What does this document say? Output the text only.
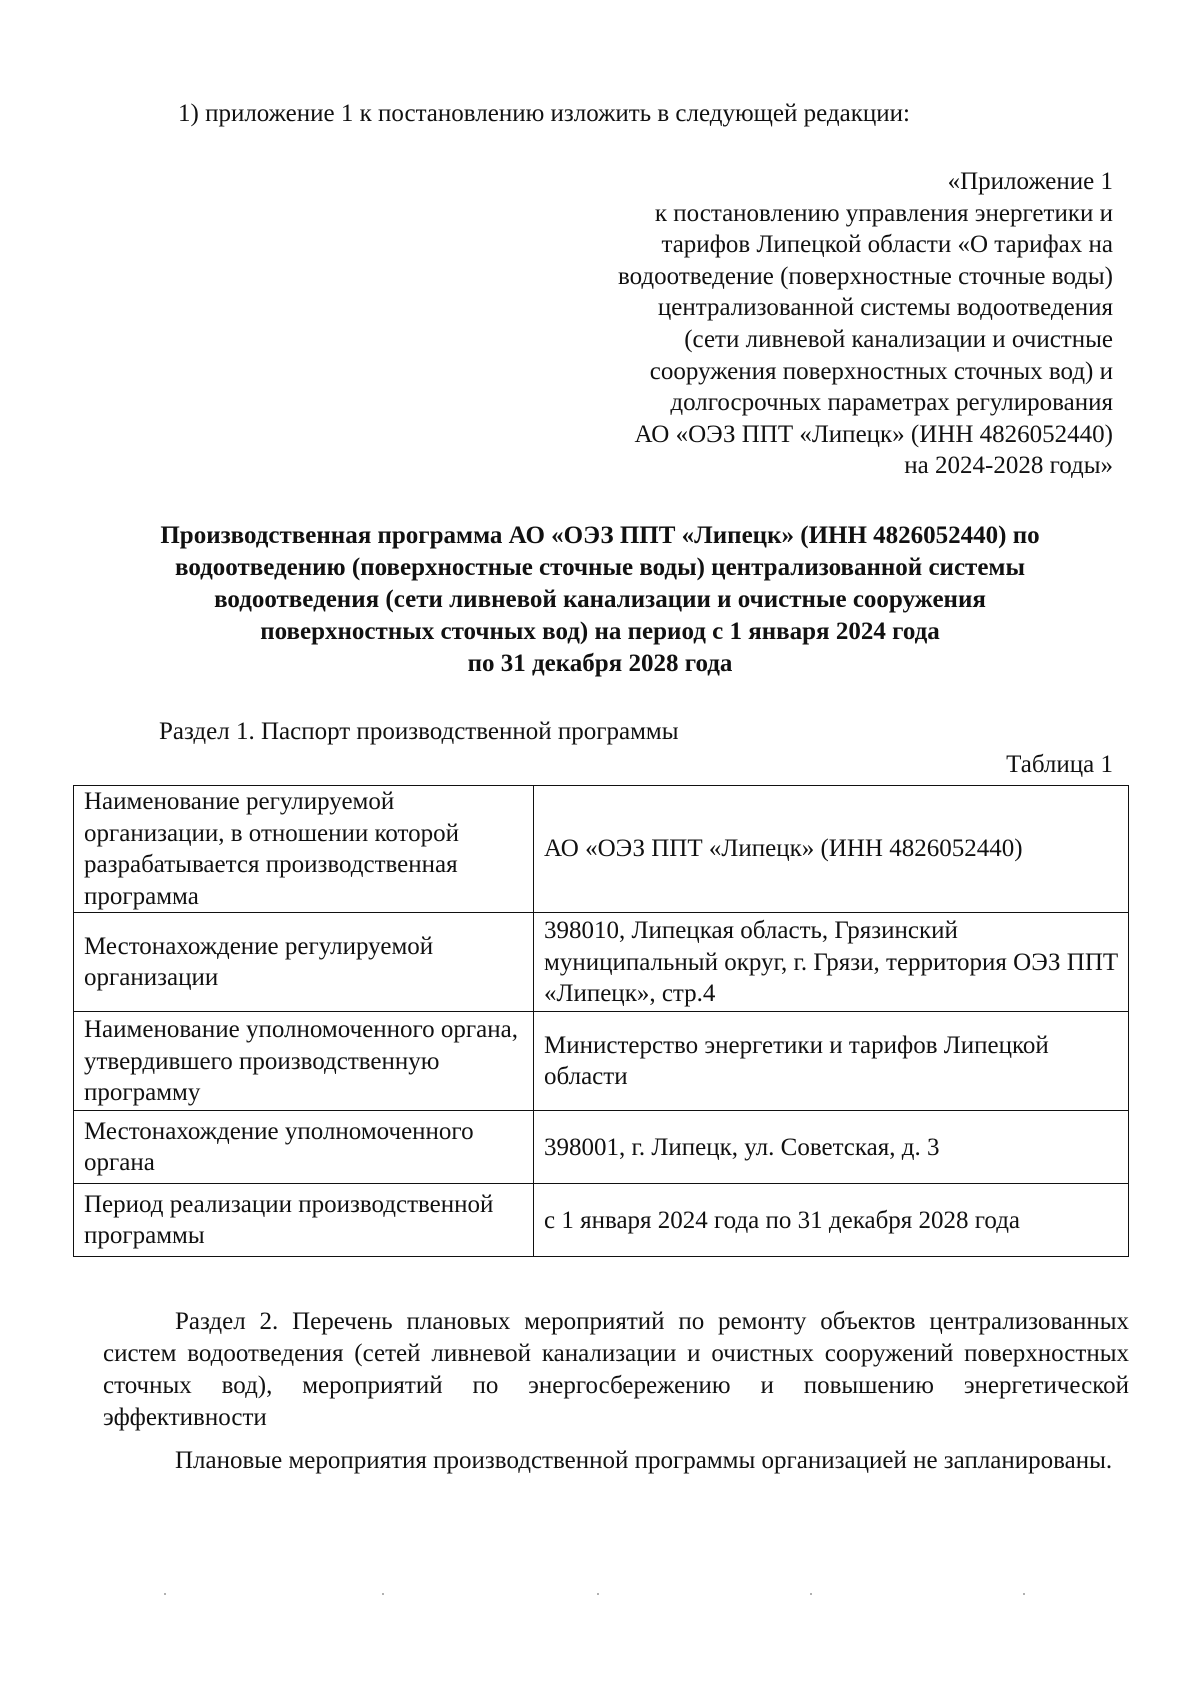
1) приложение 1 к постановлению изложить в следующей редакции:
«Приложение 1
к постановлению управления энергетики и
тарифов Липецкой области «О тарифах на
водоотведение (поверхностные сточные воды)
централизованной системы водоотведения
(сети ливневой канализации и очистные
сооружения поверхностных сточных вод) и
долгосрочных параметрах регулирования
АО «ОЭЗ ППТ «Липецк» (ИНН 4826052440)
на 2024-2028 годы»
Производственная программа АО «ОЭЗ ППТ «Липецк» (ИНН 4826052440) по
водоотведению (поверхностные сточные воды) централизованной системы
водоотведения (сети ливневой канализации и очистные сооружения
поверхностных сточных вод) на период с 1 января 2024 года
по 31 декабря 2028 года
Раздел 1. Паспорт производственной программы
Таблица 1
Наименование регулируемой организации, в отношении которой разрабатывается производственная программа	АО «ОЭЗ ППТ «Липецк» (ИНН 4826052440)
Местонахождение регулируемой организации	398010, Липецкая область, Грязинский муниципальный округ, г. Грязи, территория ОЭЗ ППТ «Липецк», стр.4
Наименование уполномоченного органа, утвердившего производственную программу	Министерство энергетики и тарифов Липецкой области
Местонахождение уполномоченного органа	398001, г. Липецк, ул. Советская, д. 3
Период реализации производственной программы	с 1 января 2024 года по 31 декабря 2028 года
Раздел 2. Перечень плановых мероприятий по ремонту объектов централизованных систем водоотведения (сетей ливневой канализации и очистных сооружений поверхностных сточных вод), мероприятий по энергосбережению и повышению энергетической эффективности
Плановые мероприятия производственной программы организацией не запланированы.
